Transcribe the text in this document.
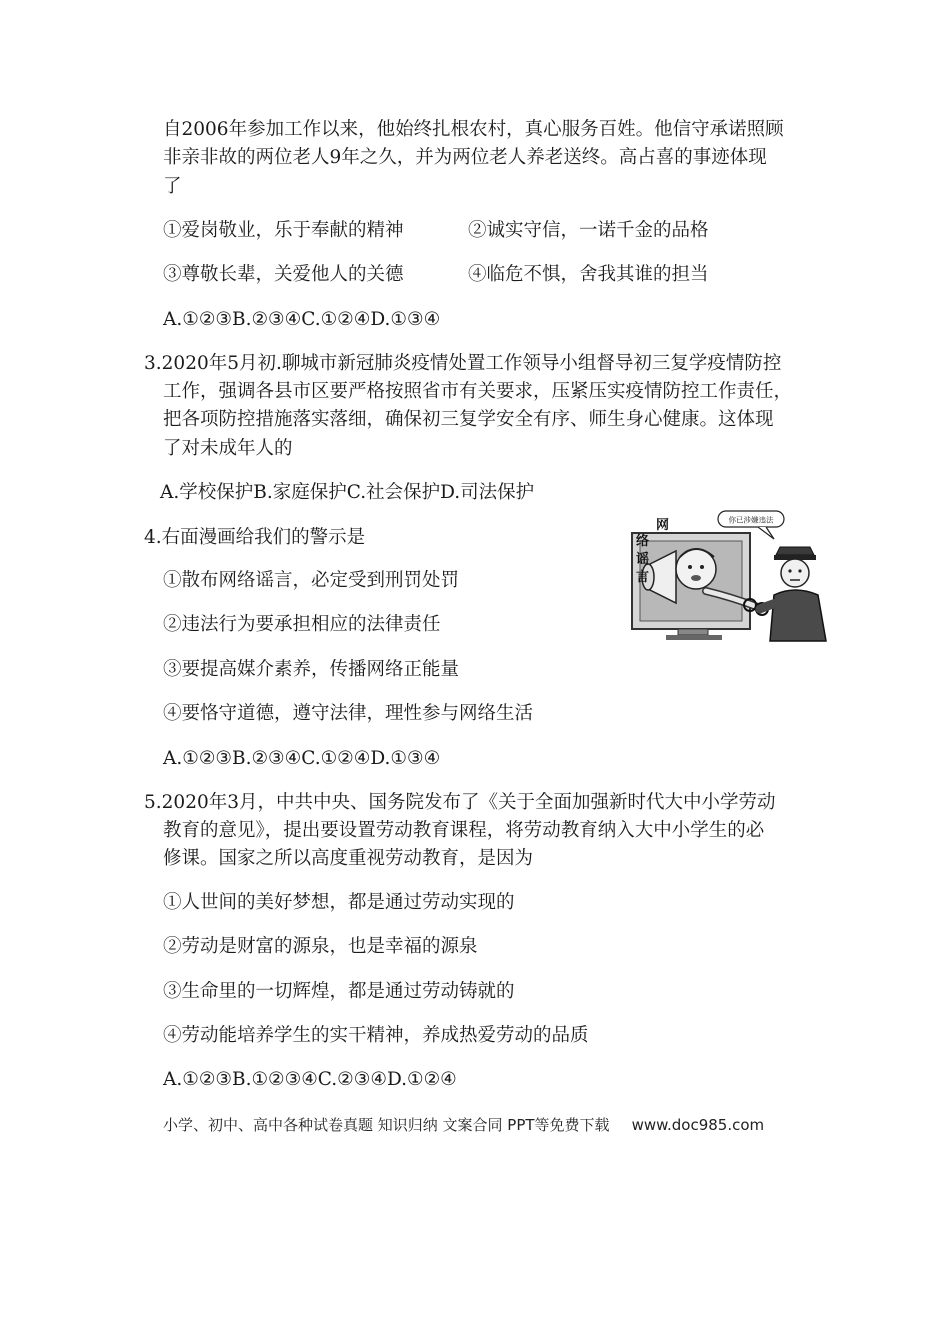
自2006年参加工作以来，他始终扎根农村，真心服务百姓。他信守承诺照顾
非亲非故的两位老人9年之久，并为两位老人养老送终。高占喜的事迹体现
了
①爱岗敬业，乐于奉献的精神	②诚实守信，一诺千金的品格
③尊敬长辈，关爱他人的关德	④临危不惧，舍我其谁的担当
A.①②③B.②③④C.①②④D.①③④
3.2020年5月初.聊城市新冠肺炎疫情处置工作领导小组督导初三复学疫情防控
工作，强调各县市区要严格按照省市有关要求，压紧压实疫情防控工作责任，
把各项防控措施落实落细，确保初三复学安全有序、师生身心健康。这体现
了对未成年人的
A.学校保护B.家庭保护C.社会保护D.司法保护
4.右面漫画给我们的警示是
①散布网络谣言，必定受到刑罚处罚
②违法行为要承担相应的法律责任
③要提高媒介素养，传播网络正能量
④要恪守道德，遵守法律，理性参与网络生活
A.①②③B.②③④C.①②④D.①③④
你已涉嫌违法
网
络
谣
言
5.2020年3月，中共中央、国务院发布了《关于全面加强新时代大中小学劳动
教育的意见》，提出要设置劳动教育课程，将劳动教育纳入大中小学生的必
修课。国家之所以高度重视劳动教育，是因为
①人世间的美好梦想，都是通过劳动实现的
②劳动是财富的源泉，也是幸福的源泉
③生命里的一切辉煌，都是通过劳动铸就的
④劳动能培养学生的实干精神，养成热爱劳动的品质
A.①②③B.①②③④C.②③④D.①②④
小学、初中、高中各种试卷真题 知识归纳 文案合同 PPT等免费下载 www.doc985.com
